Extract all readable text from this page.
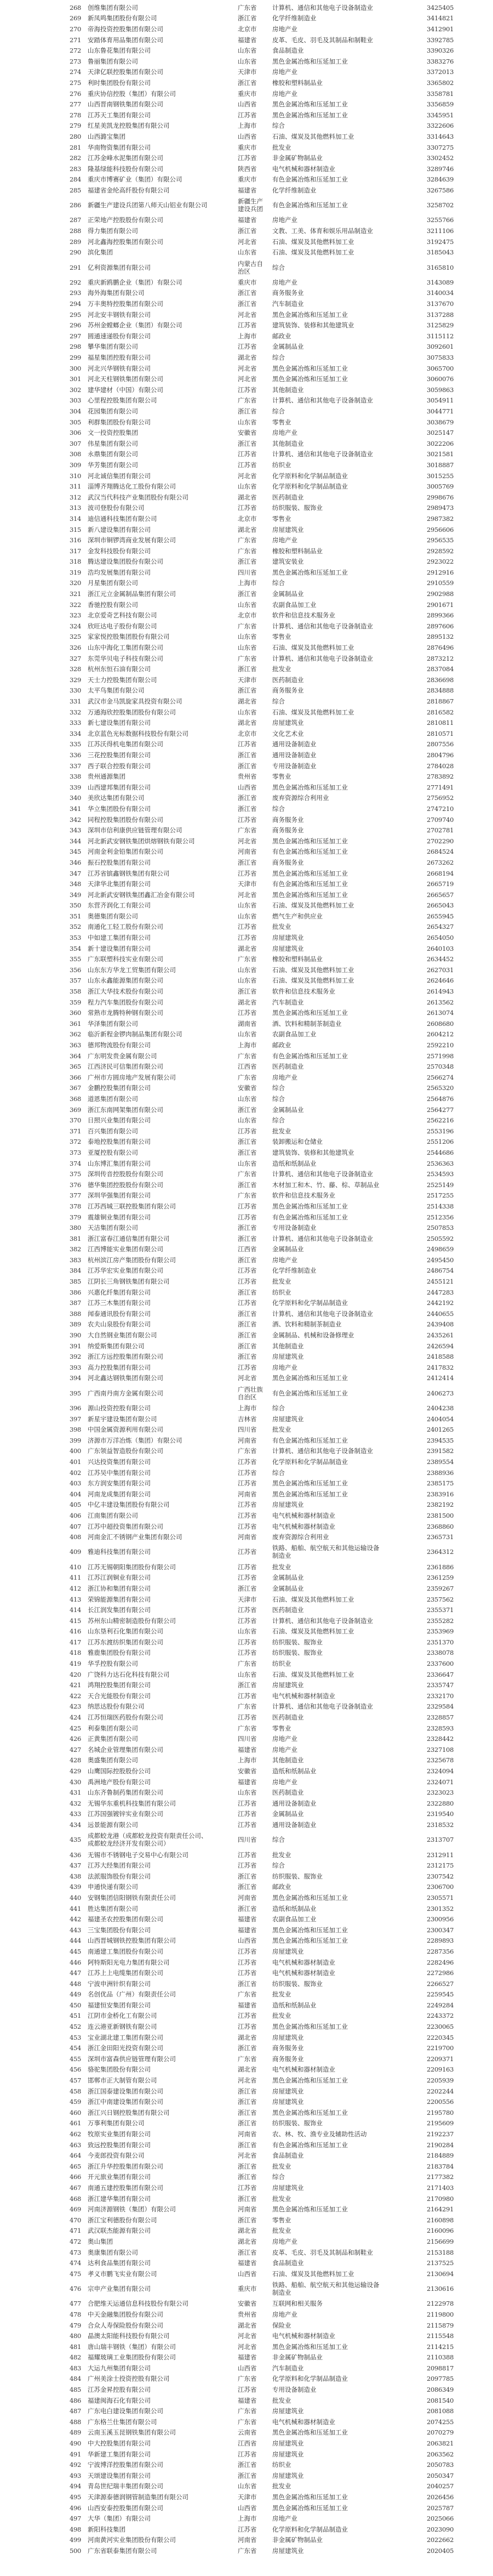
268	创维集团有限公司	广东省	计算机、通信和其他电子设备制造业	3425405
269	新凤鸣集团股份有限公司	浙江省	化学纤维制造业	3414821
270	帝海投资控股集团有限公司	北京市	房地产业	3412901
271	安踏体育用品集团有限公司	福建省	皮革、毛皮、羽毛及其制品和制鞋业	3392785
272	山东鲁花集团有限公司	山东省	食品制造业	3390326
273	鲁丽集团有限公司	山东省	黑色金属冶炼和压延加工业	3383276
274	天津亿联控股集团有限公司	天津市	房地产业	3372013
275	利时集团股份有限公司	浙江省	橡胶和塑料制品业	3365802
276	重庆协信控股（集团）有限公司	重庆市	房地产业	3358781
277	山西晋南钢铁集团有限公司	山西省	黑色金属冶炼和压延加工业	3356859
278	江苏天工集团有限公司	江苏省	黑色金属冶炼和压延加工业	3345951
279	红星美凯龙控股集团有限公司	上海市	综合	3322606
280	山西潞宝集团	山西省	石油、煤炭及其他燃料加工业	3314643
281	华南物资集团有限公司	重庆市	批发业	3307275
282	江苏金峰水泥集团有限公司	江苏省	非金属矿物制品业	3302452
283	隆基绿能科技股份有限公司	陕西省	电气机械和器材制造业	3289746
284	重庆市博赛矿业（集团）有限公司	重庆市	有色金属冶炼和压延加工业	3284639
285	福建省金纶高纤股份有限公司	福建省	化学纤维制造业	3267586
286	新疆生产建设兵团第八师天山铝业有限公司	新疆生产
建设兵团	有色金属冶炼和压延加工业	3258702
287	正荣地产控股股份有限公司	福建省	房地产业	3255766
288	得力集团有限公司	浙江省	文教、工美、体育和娱乐用品制造业	3211106
289	河北鑫海控股集团有限公司	河北省	石油、煤炭及其他燃料加工业	3192475
290	滨化集团	山东省	石油、煤炭及其他燃料加工业	3185043
291	亿利资源集团有限公司	内蒙古自
治区	综合	3165810
292	重庆新鸥鹏企业（集团）有限公司	重庆市	房地产业	3143089
293	海外海集团有限公司	浙江省	商务服务业	3140034
294	万丰奥特控股集团有限公司	浙江省	汽车制造业	3137670
295	河北安丰钢铁有限公司	河北省	黑色金属冶炼和压延加工业	3137288
296	苏州金螳螂企业（集团）有限公司	江苏省	建筑装饰、装修和其他建筑业	3125829
297	圆通速递股份有限公司	上海市	邮政业	3115112
298	攀华集团有限公司	江苏省	金属制品业	3092601
299	福星集团控股有限公司	湖北省	综合	3075833
300	河北兴华钢铁有限公司	河北省	黑色金属冶炼和压延加工业	3065700
301	河北天柱钢铁集团有限公司	河北省	黑色金属冶炼和压延加工业	3060076
302	建华建材（中国）有限公司	江苏省	其他制造业	3059863
303	心里程控股集团有限公司	广东省	计算机、通信和其他电子设备制造业	3054911
304	花园集团有限公司	浙江省	综合	3044771
305	利群集团股份有限公司	山东省	零售业	3038679
306	文一投资控股集团	安徽省	房地产业	3025147
307	伟星集团有限公司	浙江省	其他制造业	3022206
308	永鼎集团有限公司	江苏省	计算机、通信和其他电子设备制造业	3021581
309	华芳集团有限公司	江苏省	纺织业	3018887
310	河北诚信集团有限公司	河北省	化学原料和化学制品制造业	3015255
311	淄博齐翔腾达化工股份有限公司	山东省	化学原料和化学制品制造业	3005769
312	武汉当代科技产业集团股份有限公司	湖北省	医药制造业	2998676
313	波司登股份有限公司	江苏省	纺织服装、服饰业	2989473
314	迪信通科技集团有限公司	北京市	零售业	2987382
315	新八建设集团有限公司	湖北省	房屋建筑业	2956606
316	深圳市铜锣湾商业发展有限公司	广东省	房地产业	2956535
317	金发科技股份有限公司	广东省	橡胶和塑料制品业	2928592
318	腾达建设集团股份有限公司	浙江省	建筑安装业	2923022
319	浩均发展集团有限公司	四川省	黑色金属冶炼和压延加工业	2912916
320	月星集团有限公司	上海市	综合	2910559
321	浙江元立金属制品集团有限公司	浙江省	金属制品业	2902988
322	香驰控股有限公司	山东省	农副食品加工业	2901671
323	北京爱奇艺科技有限公司	北京市	软件和信息技术服务业	2899366
324	欣旺达电子股份有限公司	广东省	计算机、通信和其他电子设备制造业	2897606
325	家家悦控股集团股份有限公司	山东省	零售业	2895132
326	山东中海化工集团有限公司	山东省	石油、煤炭及其他燃料加工业	2876496
327	东莞华贝电子科技有限公司	广东省	计算机、通信和其他电子设备制造业	2873212
328	杭州东恒石油有限公司	浙江省	批发业	2837084
329	天士力控股集团有限公司	天津市	医药制造业	2836698
330	太平鸟集团有限公司	浙江省	商务服务业	2834888
331	武汉市金马凯旋家具投资有限公司	湖北省	综合	2818867
332	万通海欣控股集团股份有限公司	山东省	石油、煤炭及其他燃料加工业	2816582
333	新七建设集团有限公司	湖北省	房屋建筑业	2810811
334	北京蓝色光标数据科技股份有限公司	北京市	文化艺术业	2810571
335	江苏沃得机电集团有限公司	江苏省	通用设备制造业	2807556
336	三花控股集团有限公司	浙江省	通用设备制造业	2804796
337	西子联合控股有限公司	浙江省	专用设备制造业	2784028
338	贵州通源集团	贵州省	零售业	2783892
339	山西建邦集团有限公司	山西省	黑色金属冶炼和压延加工业	2771491
340	美欣达集团有限公司	浙江省	废弃资源综合利用业	2756952
341	华立集团股份有限公司	浙江省	综合	2747210
342	同程控股集团股份有限公司	江苏省	商务服务业	2709740
343	深圳市信利康供应链管理有限公司	广东省	商务服务业	2702781
344	河北新武安钢铁集团烘熔钢铁有限公司	河北省	黑色金属冶炼和压延加工业	2702290
345	河南金利金铅集团有限公司	河南省	有色金属冶炼和压延加工业	2684524
346	振石控股集团有限公司	浙江省	商务服务业	2673262
347	江苏省镔鑫钢铁集团有限公司	江苏省	黑色金属冶炼和压延加工业	2668194
348	天津华北集团有限公司	天津市	有色金属冶炼和压延加工业	2665719
349	河北新武安钢铁集团鑫汇冶金有限公司	河北省	黑色金属冶炼和压延加工业	2665657
350	东营齐润化工有限公司	山东省	石油、煤炭及其他燃料加工业	2665043
351	奥德集团有限公司	山东省	燃气生产和供应业	2655945
352	南通化工轻工股份有限公司	江苏省	批发业	2654327
353	中如建工集团有限公司	江苏省	房屋建筑业	2654050
354	新十建设集团有限公司	湖北省	房屋建筑业	2640103
355	广东联塑科技实业有限公司	广东省	橡胶和塑料制品业	2634452
356	山东东方华龙工贸集团有限公司	山东省	石油、煤炭及其他燃料加工业	2627031
357	山东永鑫能源集团有限公司	山东省	石油、煤炭及其他燃料加工业	2624646
358	浙江大华技术股份有限公司	浙江省	软件和信息技术服务业	2614943
359	程力汽车集团股份有限公司	湖北省	汽车制造业	2613562
360	常熟市龙腾特种钢有限公司	江苏省	黑色金属冶炼和压延加工业	2613074
361	华泽集团有限公司	湖南省	酒、饮料和精制茶制造业	2608680
362	临沂新程金锣肉制品集团有限公司	山东省	农副食品加工业	2604212
363	德邦物流股份有限公司	上海市	邮政业	2592210
364	广东明发贵金属有限公司	广东省	有色金属冶炼和压延加工业	2571998
365	江西济民可信集团有限公司	江西省	医药制造业	2570348
366	广州市方圆房地产发展有限公司	广东省	房地产业	2566274
367	金鹏控股集团有限公司	安徽省	综合	2565320
368	道恩集团有限公司	山东省	综合	2564876
369	浙江东南网架集团有限公司	浙江省	金属制品业	2564277
370	日照兴业集团有限公司	山东省	综合	2562216
371	百兴集团有限公司	江苏省	批发业	2553196
372	泰地控股集团有限公司	浙江省	装卸搬运和仓储业	2551206
373	亚厦控股有限公司	浙江省	建筑装饰、装修和其他建筑业	2544686
374	山东博汇集团有限公司	山东省	造纸和纸制品业	2536363
375	深圳传音控股股份有限公司	广东省	计算机、通信和其他电子设备制造业	2534593
376	德华集团控股股份有限公司	浙江省	木材加工和木、竹、藤、棕、草制品业	2525149
377	深圳华强集团有限公司	广东省	软件和信息技术服务业	2517255
378	江苏西城三联控股集团有限公司	江苏省	黑色金属冶炼和压延加工业	2514338
379	震雄铜业集团有限公司	江苏省	有色金属冶炼和压延加工业	2512356
380	天洁集团有限公司	浙江省	专用设备制造业	2507853
381	浙江富春江通信集团有限公司	浙江省	计算机、通信和其他电子设备制造业	2505592
382	江西博能实业集团有限公司	江西省	金属制品业	2498659
383	杭州滨江房产集团股份有限公司	浙江省	房地产业	2495450
384	江苏华宏实业集团有限公司	江苏省	化学纤维制造业	2486754
385	江阴长三角钢铁集团有限公司	江苏省	批发业	2455121
386	兴惠化纤集团有限公司	浙江省	纺织业	2447283
387	江苏三木集团有限公司	江苏省	化学原料和化学制品制造业	2442192
388	闻泰通讯股份有限公司	浙江省	计算机、通信和其他电子设备制造业	2440655
389	农夫山泉股份有限公司	浙江省	酒、饮料和精制茶制造业	2439408
390	大自然钢业集团有限公司	浙江省	金属制品、机械和设备修理业	2435261
391	纳爱斯集团有限公司	浙江省	其他制造业	2426594
392	浙江方远控股集团有限公司	浙江省	房屋建筑业	2418588
393	高力控股集团有限公司	江苏省	房地产业	2417832
394	河北鑫达钢铁集团有限公司	河北省	黑色金属冶炼和压延加工业	2412414
395	广西南丹南方金属有限公司	广西壮族
自治区	有色金属冶炼和压延加工业	2406273
396	源山投资控股有限公司	上海市	综合	2404238
397	新星宇建设集团有限公司	吉林省	房屋建筑业	2404054
398	中国金属资源利用有限公司	四川省	批发业	2401265
399	济源市万洋冶炼（集团）有限公司	河南省	有色金属冶炼和压延加工业	2394535
400	广东领益智造股份有限公司	广东省	计算机、通信和其他电子设备制造业	2391582
401	兴达投资集团有限公司	江苏省	化学原料和化学制品制造业	2389554
402	江苏吴中集团有限公司	江苏省	综合	2388936
403	东方润安集团有限公司	江苏省	黑色金属冶炼和压延加工业	2385175
404	河南龙成集团有限公司	河南省	黑色金属冶炼和压延加工业	2383916
405	中亿丰建设集团股份有限公司	江苏省	房屋建筑业	2382192
406	江南集团有限公司	江苏省	电气机械和器材制造业	2381500
407	江苏中超投资集团有限公司	江苏省	电气机械和器材制造业	2368860
408	河南金汇不锈钢产业集团有限公司	河南省	废弃资源综合利用业	2365731
409	雅迪科技集团有限公司	江苏省	铁路、船舶、航空航天和其他运输设备
制造业	2364312
410	江苏无锡朝阳集团股份有限公司	江苏省	批发业	2361886
411	江苏江润铜业有限公司	江苏省	金属制品业	2361259
412	浙江协和集团有限公司	浙江省	金属制品业	2359267
413	荣锦能源集团有限公司	天津市	石油、煤炭及其他燃料加工业	2357562
414	长江润发集团有限公司	江苏省	医药制造业	2355371
415	苏州东山精密制造股份有限公司	江苏省	计算机、通信和其他电子设备制造业	2355282
416	山东垦利石化集团有限公司	山东省	石油、煤炭及其他燃料加工业	2353969
417	江苏东渡纺织集团有限公司	江苏省	纺织服装、服饰业	2351370
418	雅鹿集团股份有限公司	江苏省	纺织服装、服饰业	2338078
419	华孚控股有限公司	广东省	纺织业	2337600
420	广饶科力达石化科技有限公司	山东省	石油、煤炭及其他燃料加工业	2336647
421	鸿翔控股集团有限公司	浙江省	房屋建筑业	2335747
422	天合光能股份有限公司	江苏省	电气机械和器材制造业	2332170
423	纳思达股份有限公司	广东省	计算机、通信和其他电子设备制造业	2329584
424	江苏恒瑞医药股份有限公司	江苏省	医药制造业	2328857
425	利泰集团有限公司	广东省	零售业	2328593
426	正黄集团有限公司	四川省	房地产业	2328442
427	名城企业管理集团有限公司	福建省	房地产业	2327108
428	奥盛集团有限公司	上海市	其他制造业	2325678
429	山鹰国际控股股份公司	安徽省	造纸和纸制品业	2324094
430	禹洲地产股份有限公司	福建省	房地产业	2324071
431	山东齐鲁制药集团有限公司	山东省	医药制造业	2323023
432	无锡华东重机科技集团有限公司	江苏省	通用设备制造业	2322880
433	江苏国强镀锌实业有限公司	江苏省	金属制品业	2319540
434	远景能源有限公司	江苏省	通用设备制造业	2318532
435	成都蛟龙港（成都蛟龙投资有限责任公司、
成都蛟龙经济开发有限公司）	四川省	综合	2313707
436	无锡市不锈钢电子交易中心有限公司	江苏省	批发业	2312911
437	江苏大经集团有限公司	江苏省	综合	2312175
438	法派服饰股份有限公司	浙江省	纺织服装、服饰业	2307542
439	申通快递有限公司	浙江省	邮政业	2306700
440	安钢集团信阳钢铁有限责任公司	河南省	黑色金属冶炼和压延加工业	2305571
441	胜达集团有限公司	浙江省	造纸和纸制品业	2301352
442	福建圣农控股集团有限公司	福建省	农副食品加工业	2300956
443	三宝集团股份有限公司	福建省	黑色金属冶炼和压延加工业	2300347
444	山西晋城钢铁控股集团有限公司	山西省	黑色金属冶炼和压延加工业	2289893
445	南通建工集团股份有限公司	江苏省	房屋建筑业	2287356
446	阿特斯阳光电力集团有限公司	江苏省	电气机械和器材制造业	2282496
447	江苏上上电缆集团有限公司	江苏省	电气机械和器材制造业	2272986
448	宁波申洲针织有限公司	浙江省	纺织服装、服饰业	2266527
449	名创优品（广州）有限责任公司	广东省	批发业	2259545
450	福建恒安集团有限公司	福建省	造纸和纸制品业	2249284
451	江阴市金桥化工有限公司	江苏省	批发业	2243372
452	连云港亚新钢铁有限公司	江苏省	黑色金属冶炼和压延加工业	2230065
453	宝业湖北建工集团有限公司	湖北省	房屋建筑业	2220345
454	浙江金田阳光投资有限公司	浙江省	商务服务业	2219700
455	深圳市富森供应链管理有限公司	广东省	商务服务业	2209371
456	骆驼集团股份有限公司	湖北省	电气机械和器材制造业	2209163
457	邯郸市正大制管有限公司	河北省	黑色金属冶炼和压延加工业	2205939
458	浙江国泰建设集团有限公司	浙江省	房屋建筑业	2202244
459	浙江中南建设集团有限公司	浙江省	房屋建筑业	2200556
460	浙江兴日钢控股集团有限公司	浙江省	黑色金属冶炼和压延加工业	2195780
461	万事利集团有限公司	浙江省	纺织服装、服饰业	2195609
462	牧原实业集团有限公司	河南省	农、林、牧、渔专业及辅助性活动	2192237
463	致远控股集团有限公司	浙江省	有色金属冶炼和压延加工业	2190284
464	今麦郎投资有限公司	河北省	食品制造业	2184889
465	浙江升华控股集团有限公司	浙江省	批发业	2183784
466	开元旅业集团有限公司	浙江省	综合	2177382
467	南通五建控股集团有限公司	江苏省	房屋建筑业	2171403
468	浙江建华集团有限公司	浙江省	批发业	2170980
469	河南济源钢铁（集团）有限公司	河南省	黑色金属冶炼和压延加工业	2164291
470	浙江宝利德股份有限公司	浙江省	零售业	2160898
471	武汉联杰能源有限公司	湖北省	批发业	2160096
472	奥山集团	湖北省	房地产业	2156699
473	奥康集团有限公司	浙江省	皮革、毛皮、羽毛及其制品和制鞋业	2153188
474	达利食品集团有限公司	福建省	食品制造业	2137525
475	孝义市鹏飞实业有限公司	山西省	石油、煤炭及其他燃料加工业	2130694
476	宗申产业集团有限公司	重庆市	铁路、船舶、航空航天和其他运输设备
制造业	2130616
477	合肥维天运通信息科技股份有限公司	安徽省	互联网和相关服务	2122978
478	中天金融集团股份有限公司	贵州省	房地产业	2119800
479	合众人寿保险股份有限公司	湖北省	保险业	2115879
480	晶澳太阳能科技股份有限公司	河北省	电气机械和器材制造业	2115548
481	唐山瑞丰钢铁（集团）有限公司	河北省	黑色金属冶炼和压延加工业	2114215
482	福耀玻璃工业集团股份有限公司	福建省	非金属矿物制品业	2110388
483	大运九州集团有限公司	山西省	汽车制造业	2098817
484	广州美涂士投资控股有限公司	广东省	化学原料和化学制品制造业	2097785
485	江苏金昇控股有限公司	江苏省	专用设备制造业	2086349
486	福建闽海石化有限公司	福建省	批发业	2081540
487	广东电白建设集团有限公司	广东省	房屋建筑业	2081088
488	广东格兰仕集团有限公司	广东省	电气机械和器材制造业	2074255
489	云南玉溪玉昆钢铁集团有限公司	云南省	黑色金属冶炼和压延加工业	2070279
490	中大控股集团有限公司	江西省	房屋建筑业	2063821
491	华新建工集团有限公司	江苏省	房屋建筑业	2063562
492	宁波博洋控股集团有限公司	浙江省	纺织业	2050783
493	天颂建设集团有限公司	浙江省	房屋建筑业	2050347
494	青岛世纪瑞丰集团有限公司	山东省	批发业	2040257
495	天津源泰德润钢管制造集团有限公司	天津市	黑色金属冶炼和压延加工业	2026456
496	山西安泰控股集团有限公司	山西省	黑色金属冶炼和压延加工业	2025787
497	大华（集团）有限公司	上海市	房地产业	2025066
498	新阳科技集团	江苏省	化学原料和化学制品制造业	2023090
499	河南黄河实业集团股份有限公司	河南省	非金属矿物制品业	2022662
500	广东省联泰集团有限公司	广东省	房屋建筑业	2020405
